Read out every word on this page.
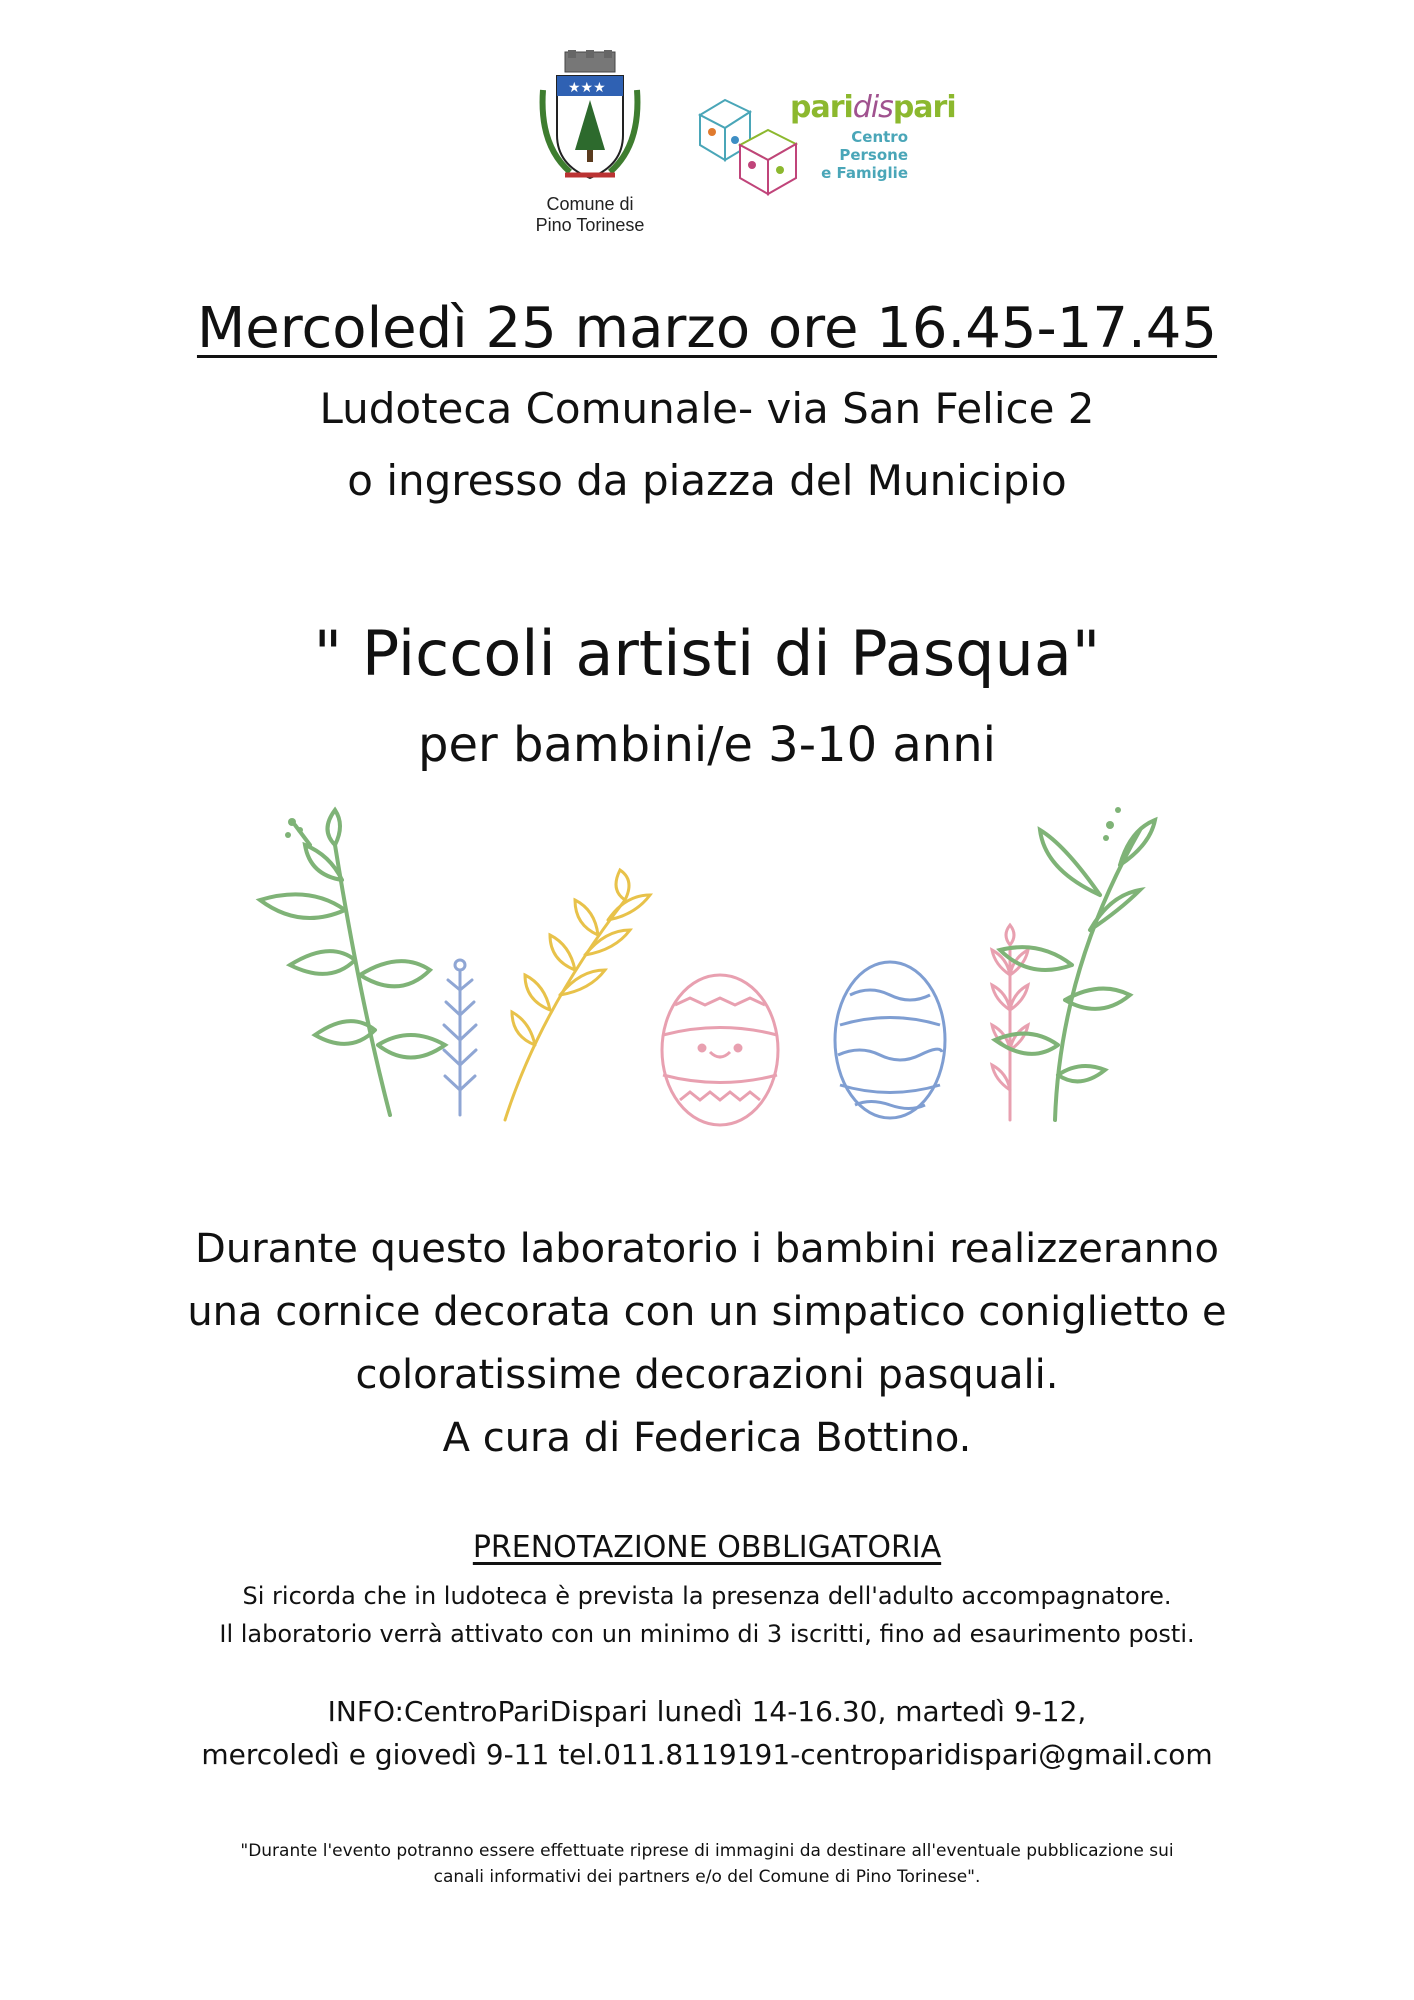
★★★
Comune di
Pino Torinese
paridispari
Centro Persone
e Famiglie
Mercoledì 25 marzo ore 16.45-17.45
Ludoteca Comunale- via San Felice 2
o ingresso da piazza del Municipio
" Piccoli artisti di Pasqua"
per bambini/e 3-10 anni
Durante questo laboratorio i bambini realizzeranno
una cornice decorata con un simpatico coniglietto e
coloratissime decorazioni pasquali.
A cura di Federica Bottino.
PRENOTAZIONE OBBLIGATORIA
Si ricorda che in ludoteca è prevista la presenza dell'adulto accompagnatore.
Il laboratorio verrà attivato con un minimo di 3 iscritti, fino ad esaurimento posti.
INFO:CentroPariDispari lunedì 14-16.30, martedì 9-12,
mercoledì e giovedì 9-11 tel.011.8119191-centroparidispari@gmail.com
"Durante l'evento potranno essere effettuate riprese di immagini da destinare all'eventuale pubblicazione sui
canali informativi dei partners e/o del Comune di Pino Torinese".
